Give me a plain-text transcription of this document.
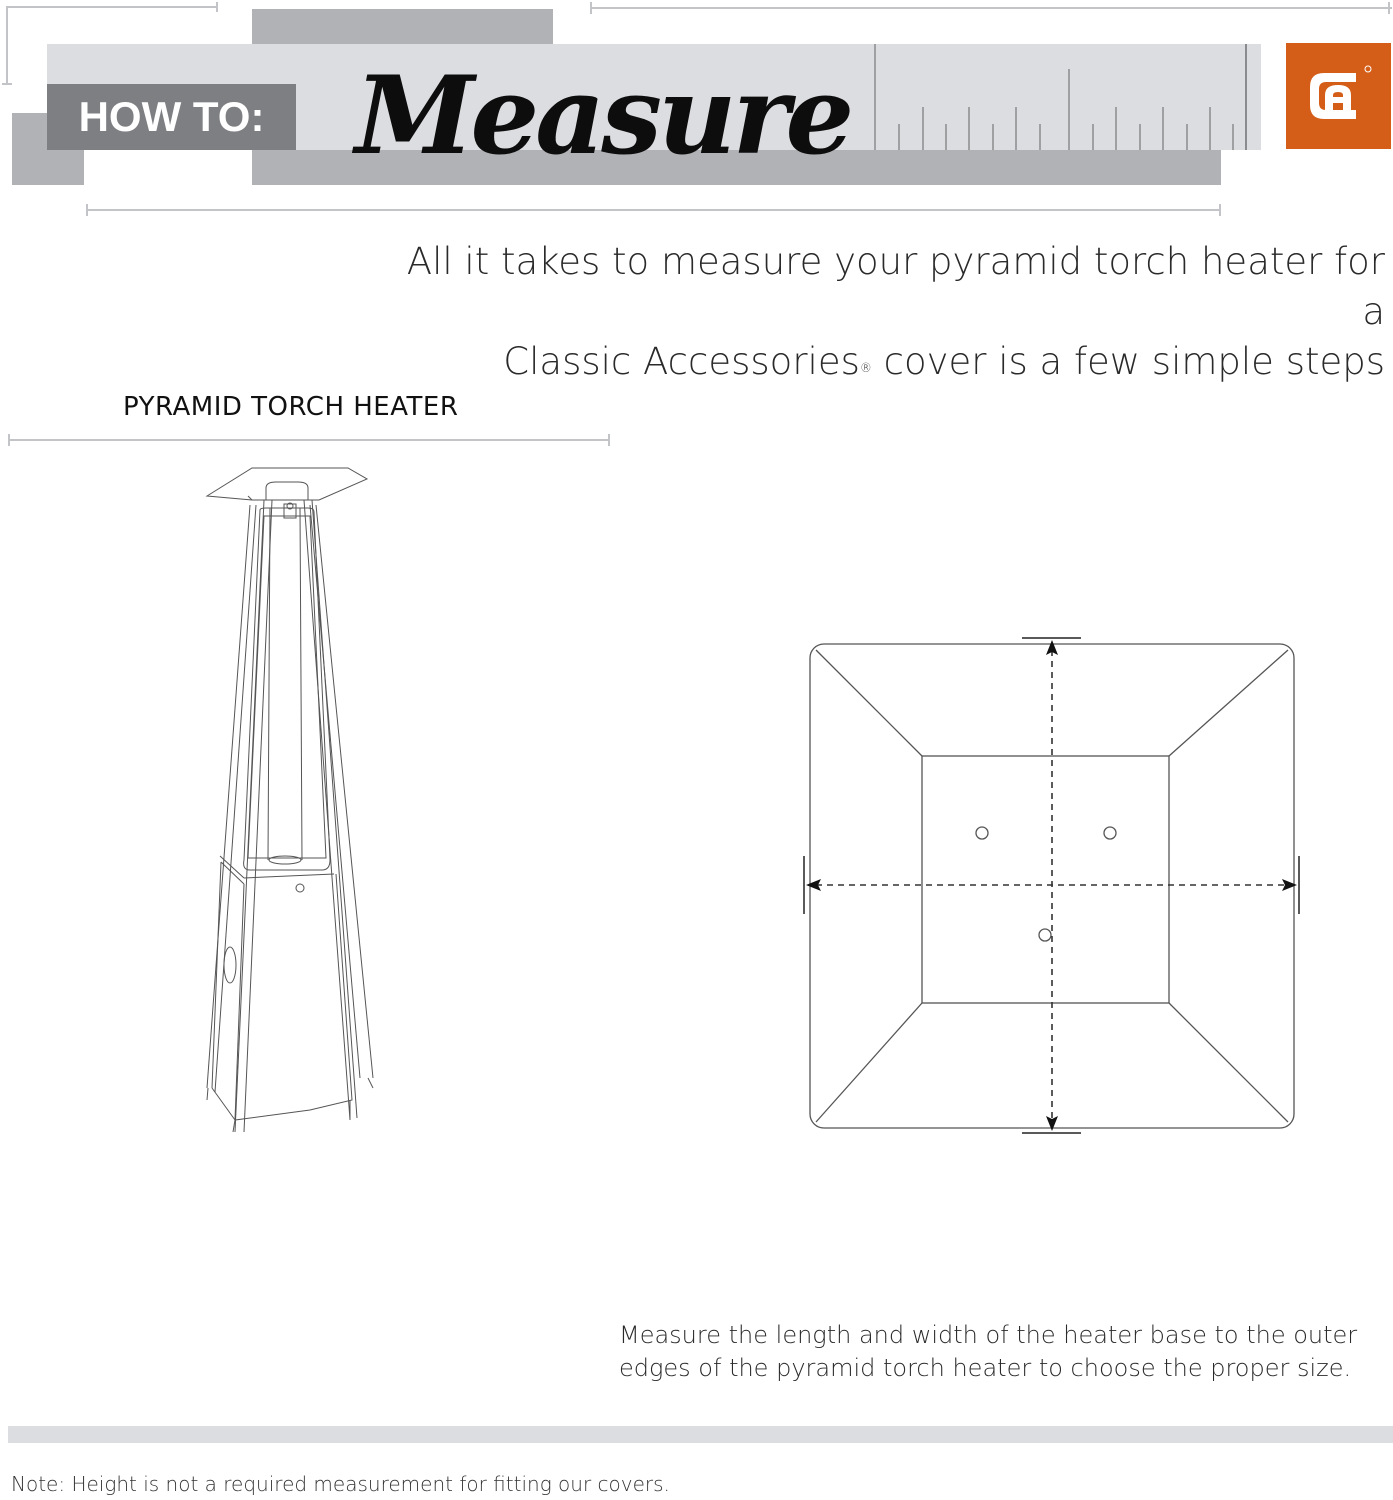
HOW TO: Measure
All it takes to measure your pyramid torch heater for a
Classic Accessories® cover is a few simple steps
PYRAMID TORCH HEATER
Measure the length and width of the heater base to the outer
edges of the pyramid torch heater to choose the proper size.
Note: Height is not a required measurement for fitting our covers.
